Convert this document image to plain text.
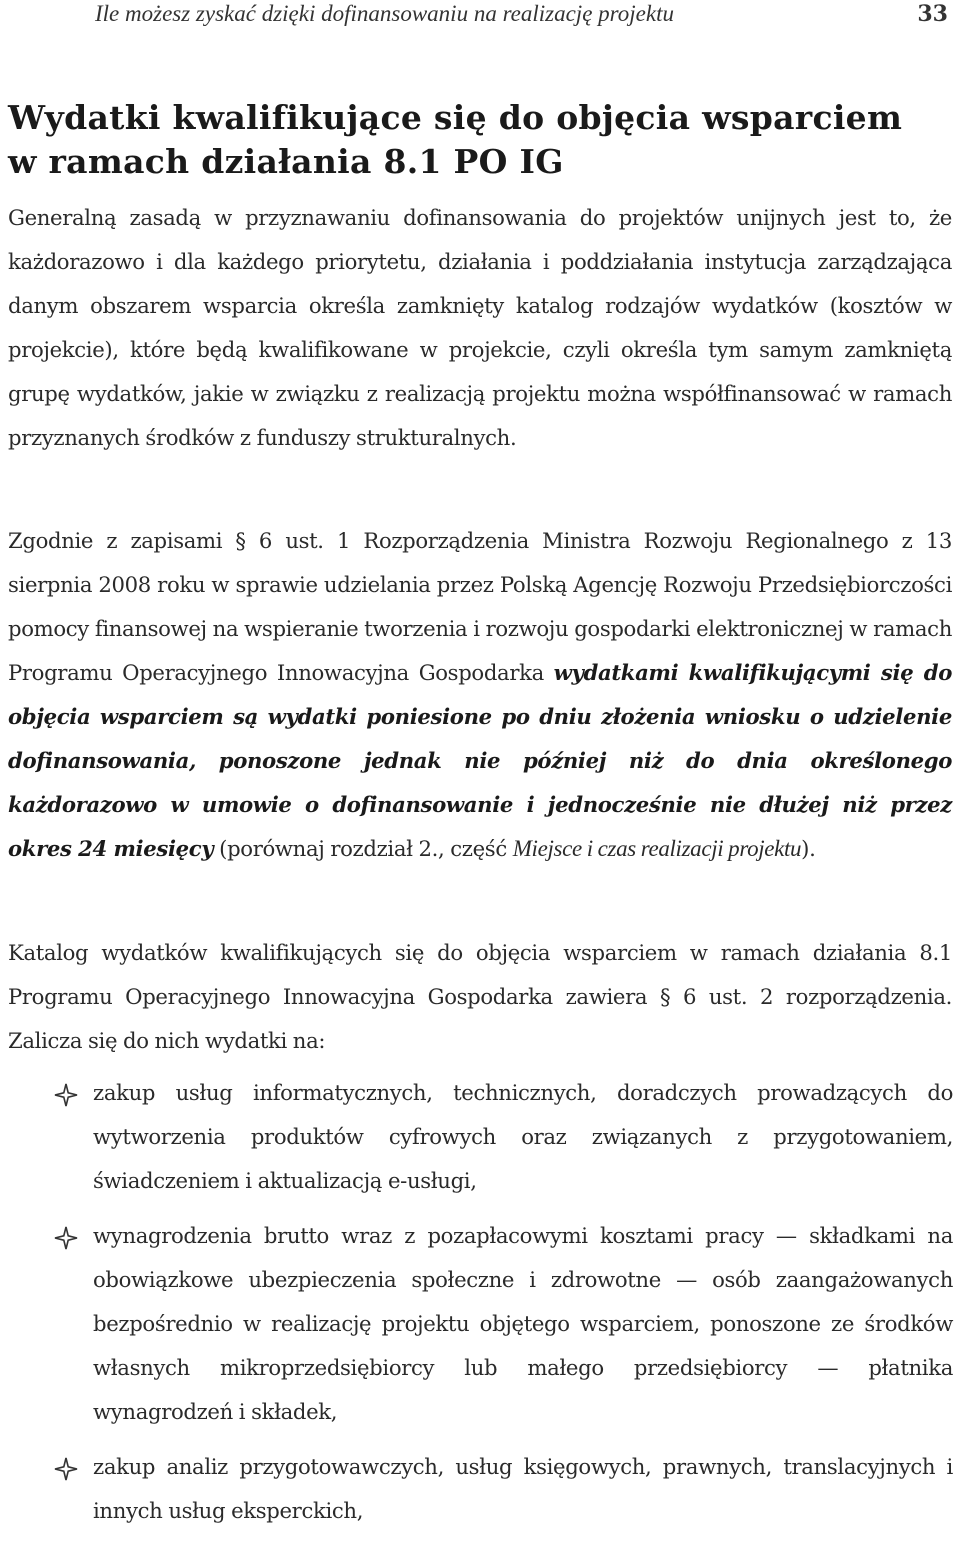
Ile możesz zyskać dzięki dofinansowaniu na realizację projektu	33
Wydatki kwalifikujące się do objęcia wsparciem w ramach działania 8.1 PO IG

Generalną zasadą w przyznawaniu dofinansowania do projektów unijnych jest to, że każdorazowo i dla każdego priorytetu, działania i poddziałania instytucja zarządzająca danym obszarem wsparcia określa zamknięty katalog rodzajów wydatków (kosztów w projekcie), które będą kwalifikowane w projekcie, czyli określa tym samym zamkniętą grupę wydatków, jakie w związku z realizacją projektu można współfinansować w ramach przyznanych środków z funduszy strukturalnych.

Zgodnie z zapisami § 6 ust. 1 Rozporządzenia Ministra Rozwoju Regionalnego z 13 sierpnia 2008 roku w sprawie udzielania przez Polską Agencję Rozwoju Przedsiębiorczości pomocy finansowej na wspieranie tworzenia i rozwoju gospodarki elektronicznej w ramach Programu Operacyjnego Innowacyjna Gospodarka wydatkami kwalifikującymi się do objęcia wsparciem są wydatki poniesione po dniu złożenia wniosku o udzielenie dofinansowania, ponoszone jednak nie później niż do dnia określonego każdorazowo w umowie o dofinansowanie i jednocześnie nie dłużej niż przez okres 24 miesięcy (porównaj rozdział 2., część Miejsce i czas realizacji projektu).

Katalog wydatków kwalifikujących się do objęcia wsparciem w ramach działania 8.1 Programu Operacyjnego Innowacyjna Gospodarka zawiera § 6 ust. 2 rozporządzenia. Zalicza się do nich wydatki na:

zakup usług informatycznych, technicznych, doradczych prowadzących do wytworzenia produktów cyfrowych oraz związanych z przygotowaniem, świadczeniem i aktualizacją e-usługi,
wynagrodzenia brutto wraz z pozapłacowymi kosztami pracy — składkami na obowiązkowe ubezpieczenia społeczne i zdrowotne — osób zaangażowanych bezpośrednio w realizację projektu objętego wsparciem, ponoszone ze środków własnych mikroprzedsiębiorcy lub małego przedsiębiorcy — płatnika wynagrodzeń i składek,
zakup analiz przygotowawczych, usług księgowych, prawnych, translacyjnych i innych usług eksperckich,
